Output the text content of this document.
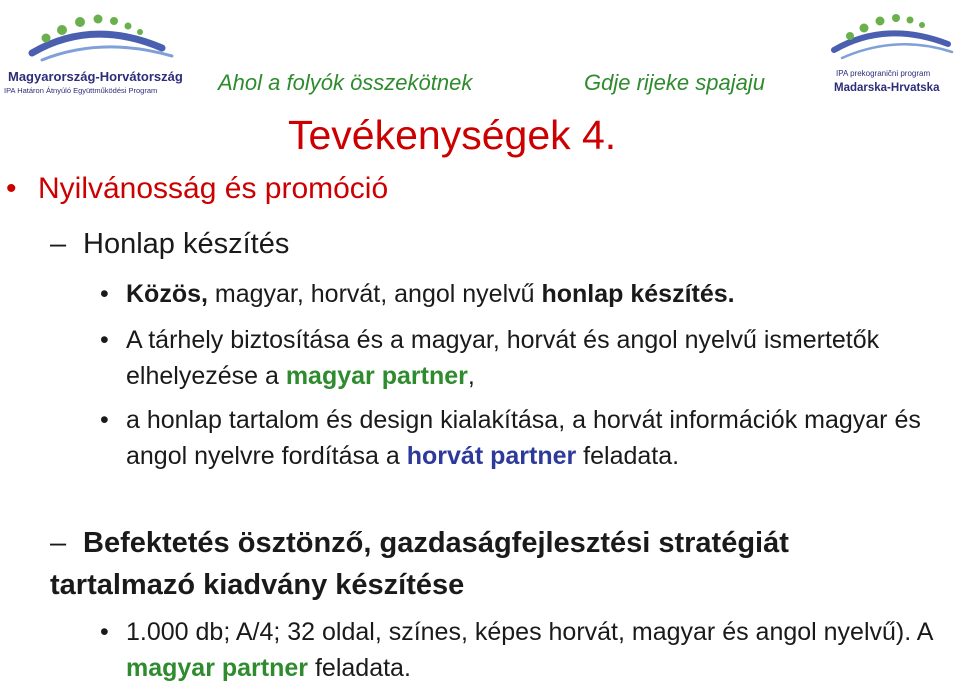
Magyarország-Horvátország
IPA Határon Átnyúló Együttműködési Program
IPA prekogranični program
Madarska-Hrvatska
Ahol a folyók összekötnek	Gdje rijeke spajaju
Tevékenységek 4.
• Nyilvánosság és promóció
– Honlap készítés
• Közös, magyar, horvát, angol nyelvű honlap készítés.
• A tárhely biztosítása és a magyar, horvát és angol nyelvű ismertetők elhelyezése a magyar partner,
• a honlap tartalom és design kialakítása, a horvát információk magyar és angol nyelvre fordítása a horvát partner feladata.
– Befektetés ösztönző, gazdaságfejlesztési stratégiát tartalmazó kiadvány készítése
• 1.000 db; A/4; 32 oldal, színes, képes horvát, magyar és angol nyelvű). A magyar partner feladata.
